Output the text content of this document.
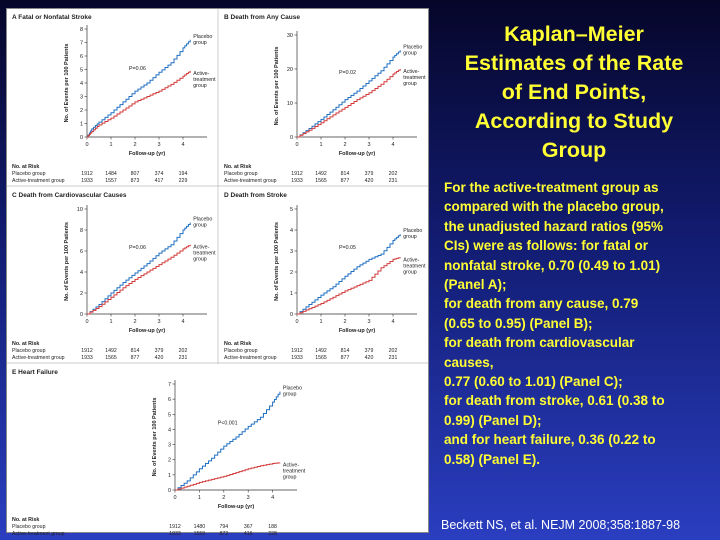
A Fatal or Nonfatal Stroke
0
1
2
3
4
5
6
7
8
0	1	2	3	4
Follow-up (yr)
No. of Events per 100 Patients
Placebo
group
Active-
treatment
group
P=0.06
No. at Risk
Placebo group	1912 1484	807	374	194
Active-treatment group	1933 1557	873	417	229
B Death from Any Cause
0
10
20
30
0	1	2	3	4
Follow-up (yr)
No. of Events per 100 Patients	Placebo
group
Active-
treatment
group
P=0.02
No. at Risk
Placebo group	1912 1492	814	379	202
Active-treatment group	1933 1565	877	420	231
C Death from Cardiovascular Causes
0
2
4
6
8
10
0	1	2	3	4
Follow-up (yr)
No. of Events per 100 Patients
Placebo
group
Active-
treatment
group
P=0.06
No. at Risk
Placebo group	1912 1492	814	379	202
Active-treatment group	1933 1565	877	420	231
D Death from Stroke
0
1
2
3
4
5
0	1	2	3	4
Follow-up (yr)
No. of Events per 100 Patients	Placebo
group
Active-
treatment
group
P=0.05
No. at Risk
Placebo group	1912 1492	814	379	202
Active-treatment group	1933 1565	877	420	231
E Heart Failure
0
1
2
3
4
5
6
7
0	1	2	3	4
Follow-up (yr)
No. of Events per 100 Patients
Placebo
group
Active-
treatment
group
P<0.001
No. at Risk
Placebo group	1912 1480	794	367	188
Active-treatment group	1933 1559	872	416	228
Kaplan–Meier
Estimates of the Rate
of End Points,
According to Study
Group
For the active-treatment group as
compared with the placebo group,
the unadjusted hazard ratios (95%
CIs) were as follows: for fatal or
nonfatal stroke, 0.70 (0.49 to 1.01)
(Panel A);
for death from any cause, 0.79
(0.65 to 0.95) (Panel B);
for death from cardiovascular
causes,
0.77 (0.60 to 1.01) (Panel C);
for death from stroke, 0.61 (0.38 to
0.99) (Panel D);
and for heart failure, 0.36 (0.22 to
0.58) (Panel E).
Beckett NS, et al. NEJM 2008;358:1887-98
